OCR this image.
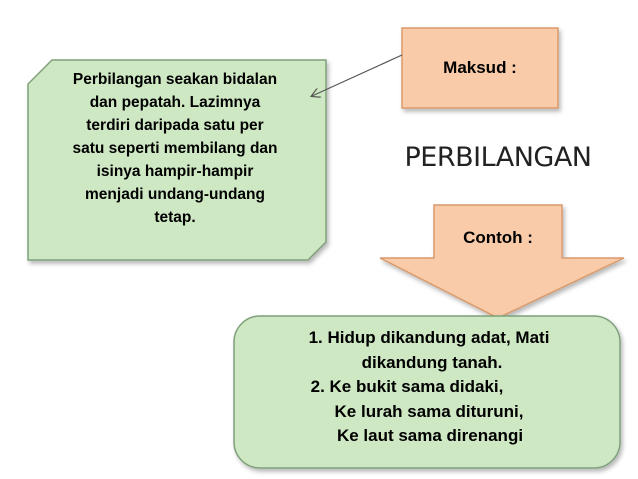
Perbilangan seakan bidalan
dan pepatah. Lazimnya
terdiri daripada satu per
satu seperti membilang dan
isinya hampir-hampir
menjadi undang-undang
tetap.
Maksud :
PERBILANGAN
Contoh :
1. Hidup dikandung adat, Mati
dikandung tanah.
2. Ke bukit sama didaki,
Ke lurah sama dituruni,
Ke laut sama direnangi
